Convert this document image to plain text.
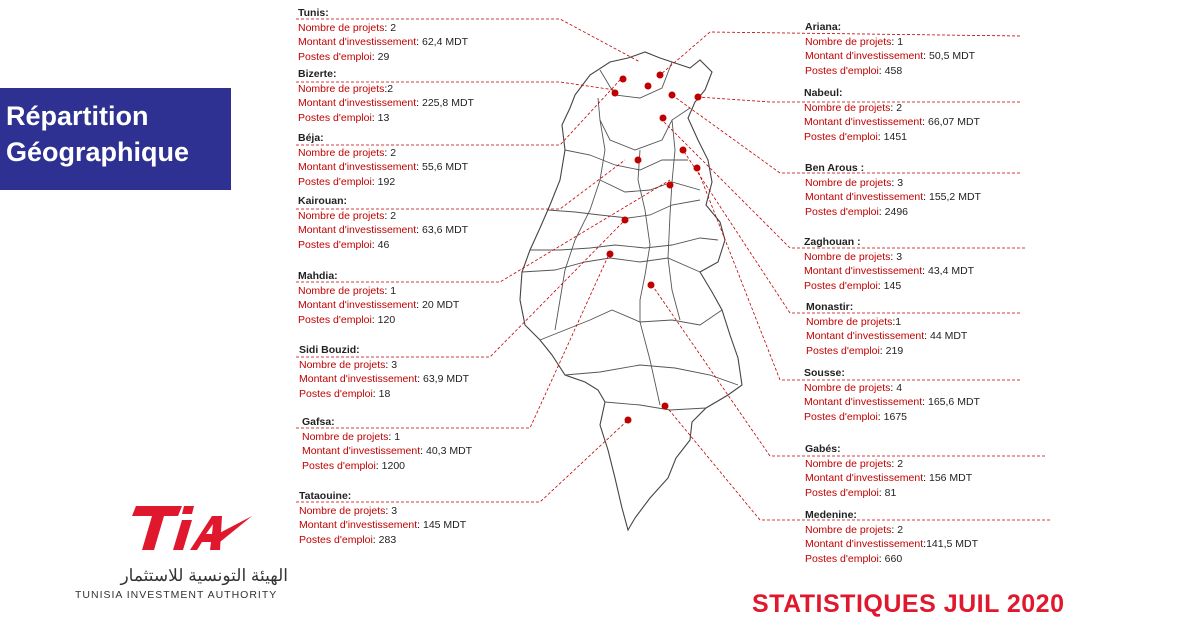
Répartition
Géographique
Tunis:
Nombre de projets: 2
Montant d'investissement: 62,4 MDT
Postes d'emploi: 29
Bizerte:
Nombre de projets:2
Montant d'investissement: 225,8 MDT
Postes d'emploi: 13
Béja:
Nombre de projets: 2
Montant d'investissement: 55,6 MDT
Postes d'emploi: 192
Kairouan:
Nombre de projets: 2
Montant d'investissement: 63,6 MDT
Postes d'emploi: 46
Mahdia:
Nombre de projets: 1
Montant d'investissement: 20 MDT
Postes d'emploi: 120
Sidi Bouzid:
Nombre de projets: 3
Montant d'investissement: 63,9 MDT
Postes d'emploi: 18
Gafsa:
Nombre de projets: 1
Montant d'investissement: 40,3 MDT
Postes d'emploi: 1200
Tataouine:
Nombre de projets: 3
Montant d'investissement: 145 MDT
Postes d'emploi: 283
Ariana:
Nombre de projets: 1
Montant d'investissement: 50,5 MDT
Postes d'emploi: 458
Nabeul:
Nombre de projets: 2
Montant d'investissement: 66,07 MDT
Postes d'emploi: 1451
Ben Arous :
Nombre de projets: 3
Montant d'investissement: 155,2 MDT
Postes d'emploi: 2496
Zaghouan :
Nombre de projets: 3
Montant d'investissement: 43,4 MDT
Postes d'emploi: 145
Monastir:
Nombre de projets:1
Montant d'investissement: 44 MDT
Postes d'emploi: 219
Sousse:
Nombre de projets: 4
Montant d'investissement: 165,6 MDT
Postes d'emploi: 1675
Gabés:
Nombre de projets: 2
Montant d'investissement: 156 MDT
Postes d'emploi: 81
Medenine:
Nombre de projets: 2
Montant d'investissement:141,5 MDT
Postes d'emploi: 660
الهيئة التونسية للاستثمار
TUNISIA INVESTMENT AUTHORITY	STATISTIQUES JUIL 2020
